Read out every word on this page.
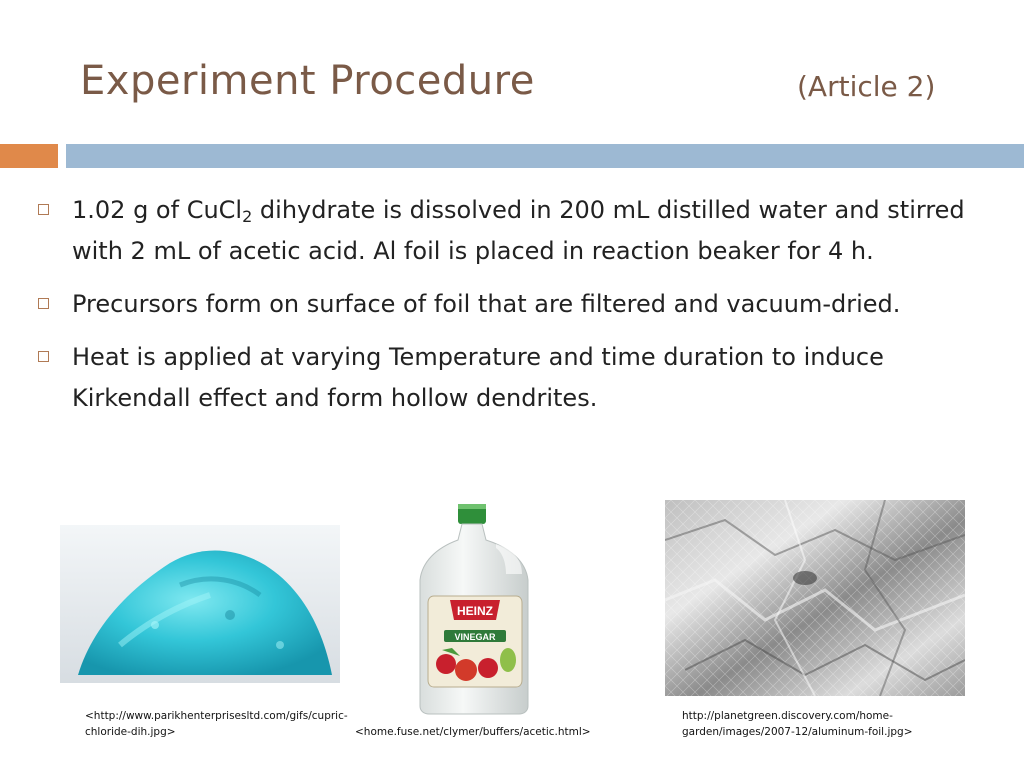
Experiment Procedure	(Article 2)
1.02 g of CuCl$_2$ dihydrate is dissolved in 200 mL distilled water and stirred with 2 mL of acetic acid. Al foil is placed in reaction beaker for 4 h.
Precursors form on surface of foil that are filtered and vacuum-dried.
Heat is applied at varying Temperature and time duration to induce Kirkendall effect and form hollow dendrites.
HEINZ
VINEGAR
<http://www.parikhenterprisesltd.com/gifs/cupric-chloride-dih.jpg>	<home.fuse.net/clymer/buffers/acetic.html>
http://planetgreen.discovery.com/home-garden/images/2007-12/aluminum-foil.jpg>
